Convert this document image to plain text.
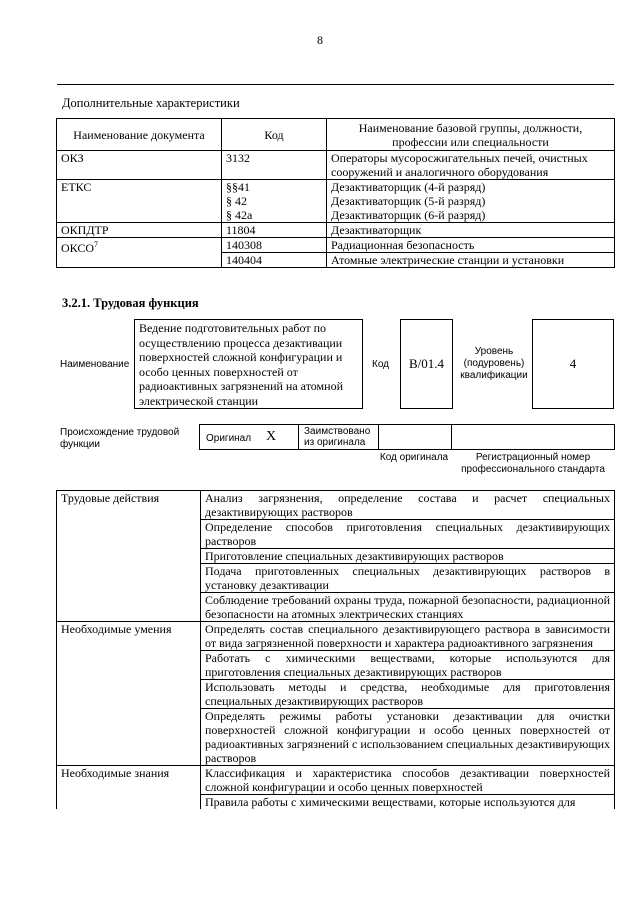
8
Дополнительные характеристики
Наименование документа	Код	Наименование базовой группы, должности, профессии или специальности
ОКЗ	3132	Операторы мусоросжигательных печей, очистных сооружений и аналогичного оборудования
ЕТКС	§§41	Дезактиваторщик (4-й разряд)
	§ 42	Дезактиваторщик (5-й разряд)
	§ 42а	Дезактиваторщик (6-й разряд)
ОКПДТР	11804	Дезактиваторщик
ОКСО$^7$	140308	Радиационная безопасность
	140404	Атомные электрические станции и установки
3.2.1. Трудовая функция
Наименование
Ведение подготовительных работ по осуществлению процесса дезактивации поверхностей сложной конфигурации и особо ценных поверхностей от радиоактивных загрязнений на атомной электрической станции
Код B/01.4
Уровень (подуровень) квалификации
4
Происхождение трудовой функции
Оригинал X	Заимствовано из оригинала
Код оригинала	Регистрационный номер профессионального стандарта
Трудовые действия	Анализ загрязнения, определение состава и расчет специальных дезактивирующих растворов
	Определение способов приготовления специальных дезактивирующих растворов
	Приготовление специальных дезактивирующих растворов
	Подача приготовленных специальных дезактивирующих растворов в установку дезактивации
	Соблюдение требований охраны труда, пожарной безопасности, радиационной безопасности на атомных электрических станциях
Необходимые умения	Определять состав специального дезактивирующего раствора в зависимости от вида загрязненной поверхности и характера радиоактивного загрязнения
	Работать с химическими веществами, которые используются для приготовления специальных дезактивирующих растворов
	Использовать методы и средства, необходимые для приготовления специальных дезактивирующих растворов
	Определять режимы работы установки дезактивации для очистки поверхностей сложной конфигурации и особо ценных поверхностей от радиоактивных загрязнений с использованием специальных дезактивирующих растворов
Необходимые знания	Классификация и характеристика способов дезактивации поверхностей сложной конфигурации и особо ценных поверхностей
	Правила работы с химическими веществами, которые используются для
